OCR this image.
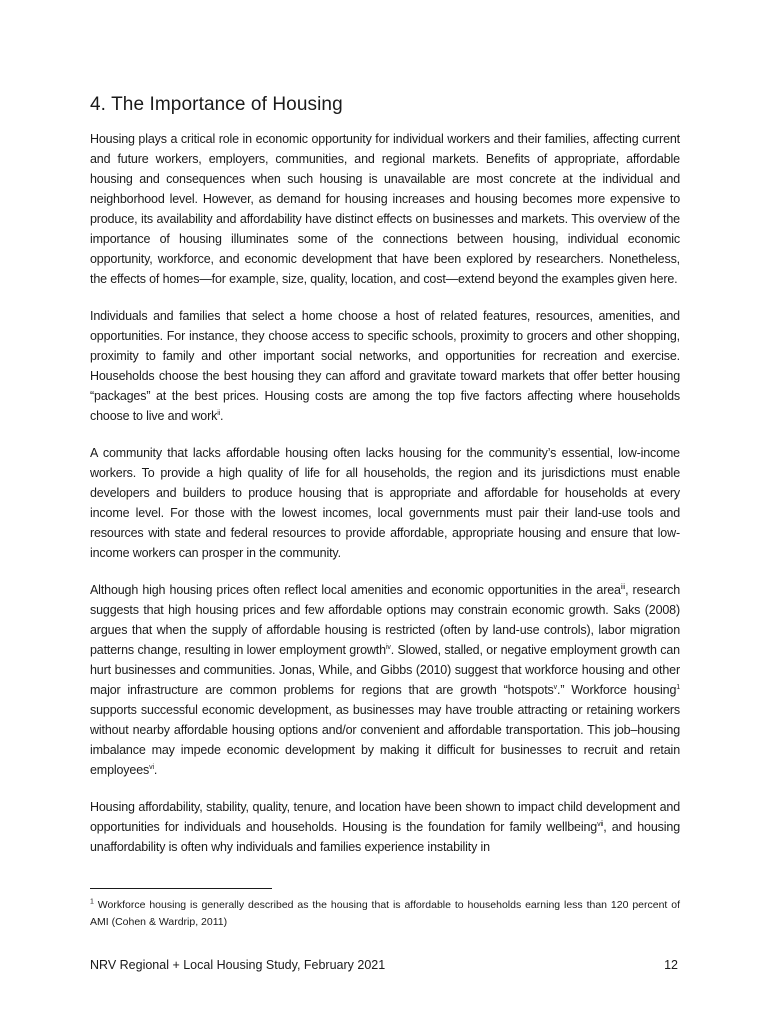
4. The Importance of Housing

Housing plays a critical role in economic opportunity for individual workers and their families, affecting current and future workers, employers, communities, and regional markets. Benefits of appropriate, affordable housing and consequences when such housing is unavailable are most concrete at the individual and neighborhood level. However, as demand for housing increases and housing becomes more expensive to produce, its availability and affordability have distinct effects on businesses and markets. This overview of the importance of housing illuminates some of the connections between housing, individual economic opportunity, workforce, and economic development that have been explored by researchers. Nonetheless, the effects of homes—for example, size, quality, location, and cost—extend beyond the examples given here.

Individuals and families that select a home choose a host of related features, resources, amenities, and opportunities. For instance, they choose access to specific schools, proximity to grocers and other shopping, proximity to family and other important social networks, and opportunities for recreation and exercise. Households choose the best housing they can afford and gravitate toward markets that offer better housing “packages” at the best prices. Housing costs are among the top five factors affecting where households choose to live and work$^{ii}$.

A community that lacks affordable housing often lacks housing for the community’s essential, low-income workers. To provide a high quality of life for all households, the region and its jurisdictions must enable developers and builders to produce housing that is appropriate and affordable for households at every income level. For those with the lowest incomes, local governments must pair their land-use tools and resources with state and federal resources to provide affordable, appropriate housing and ensure that low-income workers can prosper in the community.

Although high housing prices often reflect local amenities and economic opportunities in the area$^{iii}$, research suggests that high housing prices and few affordable options may constrain economic growth. Saks (2008) argues that when the supply of affordable housing is restricted (often by land-use controls), labor migration patterns change, resulting in lower employment growth$^{iv}$. Slowed, stalled, or negative employment growth can hurt businesses and communities. Jonas, While, and Gibbs (2010) suggest that workforce housing and other major infrastructure are common problems for regions that are growth “hotspots$^v$.” Workforce housing$^1$ supports successful economic development, as businesses may have trouble attracting or retaining workers without nearby affordable housing options and/or convenient and affordable transportation. This job–housing imbalance may impede economic development by making it difficult for businesses to recruit and retain employees$^{vi}$.

Housing affordability, stability, quality, tenure, and location have been shown to impact child development and opportunities for individuals and households. Housing is the foundation for family wellbeing$^{vii}$, and housing unaffordability is often why individuals and families experience instability in

$^1$ Workforce housing is generally described as the housing that is affordable to households earning less than 120 percent of AMI (Cohen & Wardrip, 2011)

NRV Regional + Local Housing Study, February 2021	12
